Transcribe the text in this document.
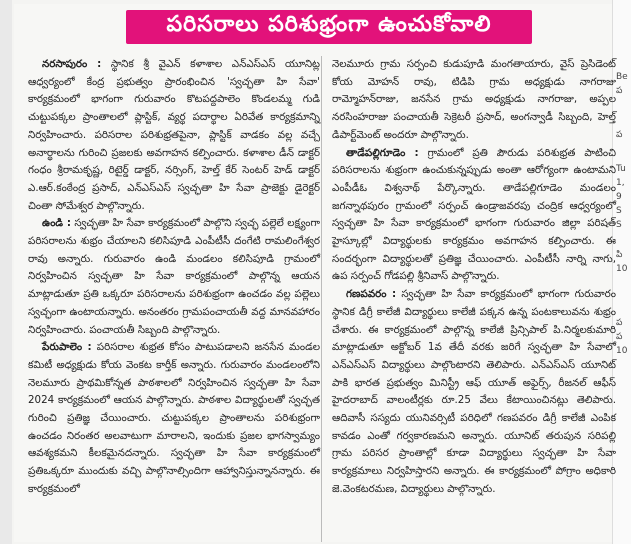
Be
ప
ప
Tu
1,
9
S
S
పి
10
ప
ప
10
పరిసరాలు పరిశుభ్రంగా ఉంచుకోవాలి

నరసాపురం : స్థానిక శ్రీ వైఎన్ కళాశాల ఎన్ఎస్ఎస్ యూనిట్ల ఆధ్వర్యంలో కేంద్ర ప్రభుత్వం ప్రారంభించిన 'స్వచ్ఛతా హి సేవా' కార్యక్రమంలో భాగంగా గురువారం కొటపద్దపాలెం కొండలమ్మ గుడి చుట్టుపక్కల ప్రాంతాలలో ప్లాస్టిక్, వ్యర్థ పదార్థాల ఏరివేత కార్యక్రమాన్ని నిర్వహించారు. పరిసరాల పరిశుభ్రతపైనా, ప్లాస్టిక్ వాడకం వల్ల వచ్చే అనార్థాలను గురించి ప్రజలకు అవగాహన కల్పించారు. కళాశాల డీన్ డాక్టర్ గంధం శ్రీరామకృష్ణ, రిటైర్డ్ డాక్టర్, నర్సింగ్, హెల్త్ కేర్ సెంటర్ హెడ్ డాక్టర్ ఎ.ఆర్.కంఠేంద్ర ప్రసాద్, ఎన్ఎస్ఎస్ స్వచ్ఛతా హి సేవా ప్రాజెక్టు డైరెక్టర్ చింతా సోమేశ్వర పాల్గొన్నారు.

ఉండి : స్వచ్ఛతా హి సేవా కార్యక్రమంలో పాల్గొని స్వచ్ఛ పల్లెలే లక్ష్యంగా పరిసరాలను శుభ్రం చేయాలని కలిసిపూడి ఎంపీటీసీ దంగేటి రామలింగేశ్వర రావు అన్నారు. గురువారం ఉండి మండలం కలిసిపూడి గ్రామంలో నిర్వహించిన స్వచ్ఛతా హి సేవా కార్యక్రమంలో పాల్గొన్న ఆయన మాట్లాడుతూ ప్రతి ఒక్కరూ పరిసరాలను పరిశుభ్రంగా ఉంచడం వల్ల పల్లెలు స్వచ్ఛంగా ఉంటాయన్నారు. అనంతరం గ్రామపంచాయతీ వద్ద మానవహారం నిర్వహించారు. పంచాయతీ సిబ్బంది పాల్గొన్నారు.

పేరుపాలెం : పరిసరాల శుభ్రత కోసం పాటుపడాలని జనసేన మండల కమిటీ అధ్యక్షుడు కోయ వెంకట కార్తీక్ అన్నారు. గురువారం మండలంలోని నెలమూరు ప్రాథమికోన్నత పాఠశాలలో నిర్వహించిన స్వచ్ఛతా హి సేవా 2024 కార్యక్రమంలో ఆయన పాల్గొన్నారు. పాఠశాల విద్యార్థులతో స్వచ్ఛత గురించి ప్రతిజ్ఞ చేయించారు. చుట్టుపక్కల ప్రాంతాలను పరిశుభ్రంగా ఉంచడం నిరంతర అలవాటుగా మారాలని, ఇందుకు ప్రజల భాగస్వామ్యం ఆవశ్యకమని కీలకమైనదన్నారు. స్వచ్ఛతా హి సేవా కార్యక్రమంలో ప్రతిఒక్కరూ ముందుకు వచ్చి పాల్గొనాల్సిందిగా ఆహ్వానిస్తున్నానన్నారు. ఈ కార్యక్రమంలో

నెలమూరు గ్రామ సర్పంచి కుడుపూడి మంగతాయారు, వైస్ ప్రెసిడెంట్ కోయ మోహన్ రావు, టిడిపి గ్రామ అధ్యక్షుడు నాగరాజు రామ్మోహన్‌రాజు, జనసేన గ్రామ అధ్యక్షుడు నాగరాజు, అప్పల నరసింహరాజు పంచాయతీ సెక్రెటరీ ప్రసాద్, అంగన్వాడీ సిబ్బంది, హెల్త్ డిపార్ట్‌మెంట్ అందరూ పాల్గొన్నారు.

తాడేపల్లిగూడెం : గ్రామంలో ప్రతి పౌరుడు పరిశుభ్రత పాటించి పరిసరాలను శుభ్రంగా ఉంచుకున్నప్పుడు అంతా ఆరోగ్యంగా ఉంటామని ఎంపీడీఓ విశ్వనాథ్ పేర్కొన్నారు. తాడేపల్లిగూడెం మండలం జగన్నాథపురం గ్రామంలో సర్పంచ్ ఉండ్రాజవరపు చంద్రిక ఆధ్వర్యంలో స్వచ్ఛతా హి సేవా కార్యక్రమంలో భాగంగా గురువారం జిల్లా పరిషత్ హైస్కూల్లో విద్యార్థులకు కార్యక్రమం అవగాహన కల్పించారు. ఈ సందర్భంగా విద్యార్థులతో ప్రతిజ్ఞ చేయించారు. ఎంపీటీసీ నార్ని నాగు, ఉప సర్పంచ్ గోడపల్లి శ్రీనివాస్ పాల్గొన్నారు.

గణపవరం : స్వచ్ఛతా హి సేవా కార్యక్రమంలో భాగంగా గురువారం స్థానిక డిగ్రీ కాలేజీ విద్యార్థులు కాలేజీ పక్కన ఉన్న పంటకాలువను శుభ్రం చేశారు. ఈ కార్యక్రమంలో పాల్గొన్న కాలేజీ ప్రిన్సిపాల్ పి.నిర్మలకుమారి మాట్లాడుతూ అక్టోబర్ 1వ తేదీ వరకు జరిగే స్వచ్ఛతా హి సేవాలో ఎన్ఎస్ఎస్ విద్యార్థులు పాల్గొంటారని తెలిపారు. ఎన్ఎస్ఎస్ యూనిట్ పాకి భారత ప్రభుత్వం మినిస్ట్రీ ఆఫ్ యూత్ అఫైర్స్, రీజనల్ ఆఫీస్ హైదరాబాద్ వాలంటీర్లకు రూ.25 వేలు కేటాయించినట్లు తెలిపారు. ఆదివాసీ సస్యదు యునివర్సిటీ పరిధిలో గణపవరం డిగ్రీ కాలేజీ ఎంపిక కావడం ఎంతో గర్వకారణమని అన్నారు. యూనిట్ తరుపున సరిపల్లి గ్రామ పరిసర ప్రాంతాల్లో కూడా విద్యార్థులు స్వచ్ఛతా హి సేవా కార్యక్రమాలు నిర్వహిస్తారని అన్నారు. ఈ కార్యక్రమంలో పోగ్రాం అధికారి జె.వెంకటరమణ, విద్యార్థులు పాల్గొన్నారు.
